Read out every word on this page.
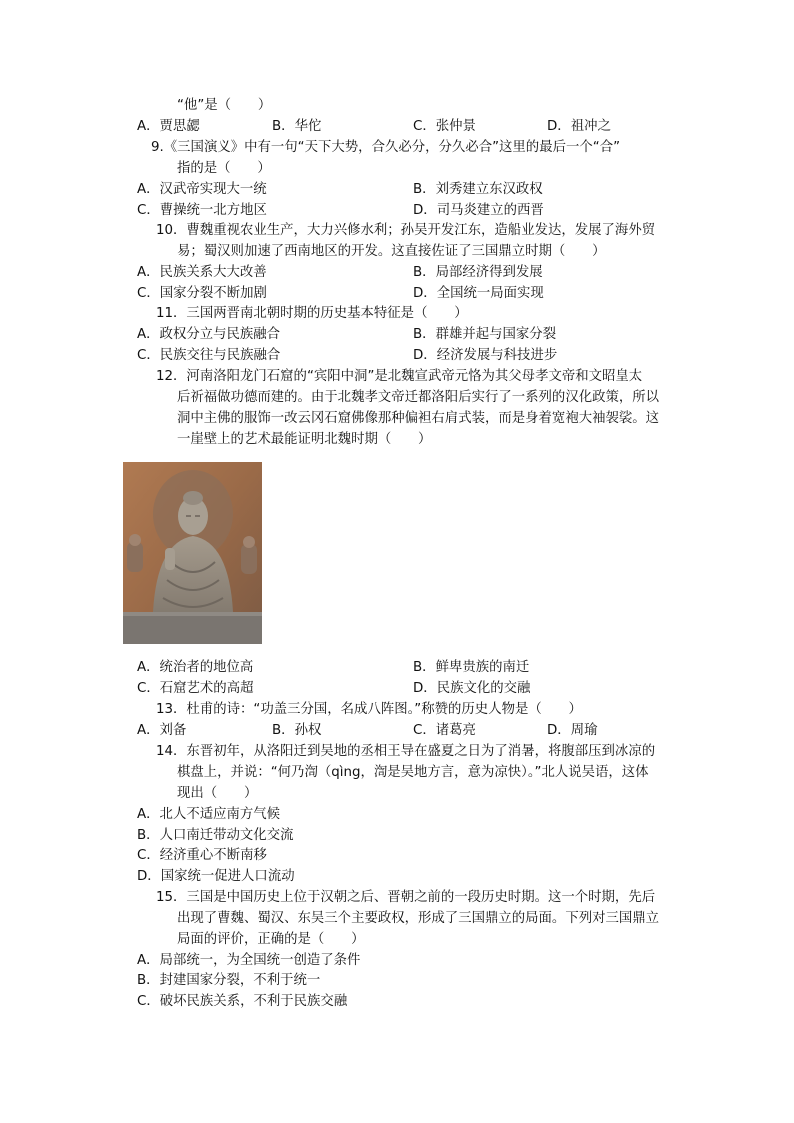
“他”是（　　）
A．贾思勰	B．华佗	C．张仲景	D．祖冲之
9.《三国演义》中有一句“天下大势，合久必分，分久必合”这里的最后一个“合”
指的是（　　）
A．汉武帝实现大一统	B．刘秀建立东汉政权
C．曹操统一北方地区	D．司马炎建立的西晋
10．曹魏重视农业生产，大力兴修水利；孙吴开发江东，造船业发达，发展了海外贸
易；蜀汉则加速了西南地区的开发。这直接佐证了三国鼎立时期（　　）
A．民族关系大大改善	B．局部经济得到发展
C．国家分裂不断加剧	D．全国统一局面实现
11．三国两晋南北朝时期的历史基本特征是（　　）
A．政权分立与民族融合	B．群雄并起与国家分裂
C．民族交往与民族融合	D．经济发展与科技进步
12．河南洛阳龙门石窟的“宾阳中洞”是北魏宣武帝元恪为其父母孝文帝和文昭皇太
后祈福做功德而建的。由于北魏孝文帝迁都洛阳后实行了一系列的汉化政策，所以
洞中主佛的服饰一改云冈石窟佛像那种偏袒右肩式装，而是身着宽袍大袖袈裟。这
一崖壁上的艺术最能证明北魏时期（　　）
A．统治者的地位高	B．鲜卑贵族的南迁
C．石窟艺术的高超	D．民族文化的交融
13．杜甫的诗：“功盖三分国，名成八阵图。”称赞的历史人物是（　　）
A．刘备	B．孙权	C．诸葛亮	D．周瑜
14．东晋初年，从洛阳迁到吴地的丞相王导在盛夏之日为了消暑，将腹部压到冰凉的
棋盘上，并说：“何乃渹（qìng，渹是吴地方言，意为凉快）。”北人说吴语，这体
现出（　　）
A．北人不适应南方气候
B．人口南迁带动文化交流
C．经济重心不断南移
D．国家统一促进人口流动
15．三国是中国历史上位于汉朝之后、晋朝之前的一段历史时期。这一个时期，先后
出现了曹魏、蜀汉、东吴三个主要政权，形成了三国鼎立的局面。下列对三国鼎立
局面的评价，正确的是（　　）
A．局部统一，为全国统一创造了条件
B．封建国家分裂，不利于统一
C．破坏民族关系，不利于民族交融
